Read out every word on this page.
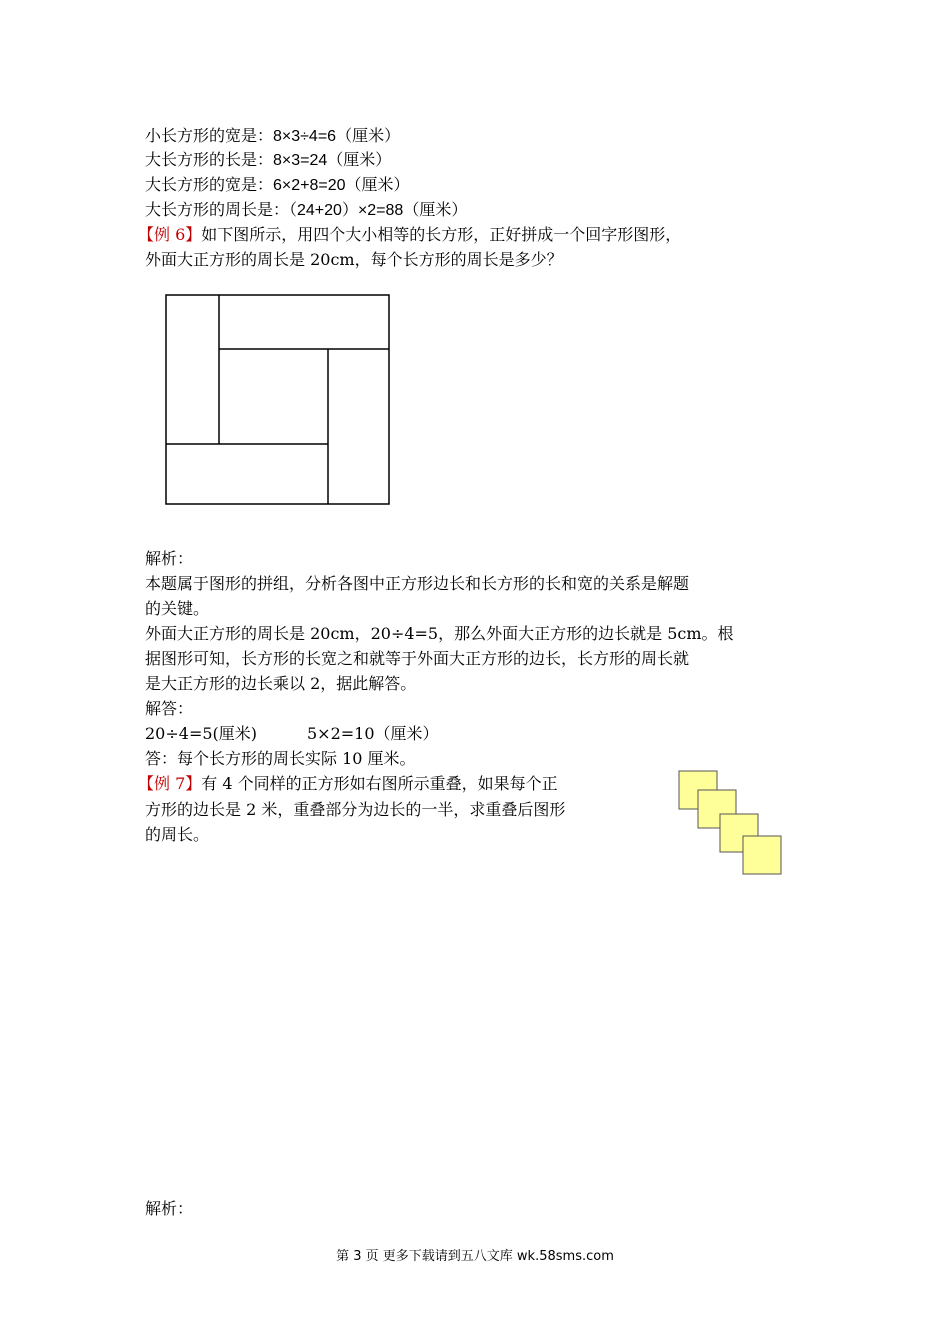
小长方形的宽是：8×3÷4=6（厘米）
大长方形的长是：8×3=24（厘米）
大长方形的宽是：6×2+8=20（厘米）
大长方形的周长是：（24+20）×2=88（厘米）
【例 6】如下图所示，用四个大小相等的长方形，正好拼成一个回字形图形，
外面大正方形的周长是 20cm，每个长方形的周长是多少？
解析：
本题属于图形的拼组，分析各图中正方形边长和长方形的长和宽的关系是解题
的关键。
外面大正方形的周长是 20cm，20÷4=5，那么外面大正方形的边长就是 5cm。根
据图形可知，长方形的长宽之和就等于外面大正方形的边长，长方形的周长就
是大正方形的边长乘以 2，据此解答。
解答：
20÷4=5(厘米)	5×2=10（厘米）
答：每个长方形的周长实际 10 厘米。
【例 7】有 4 个同样的正方形如右图所示重叠，如果每个正
方形的边长是 2 米，重叠部分为边长的一半，求重叠后图形
的周长。
解析：
第 3 页 更多下载请到五八文库 wk.58sms.com
